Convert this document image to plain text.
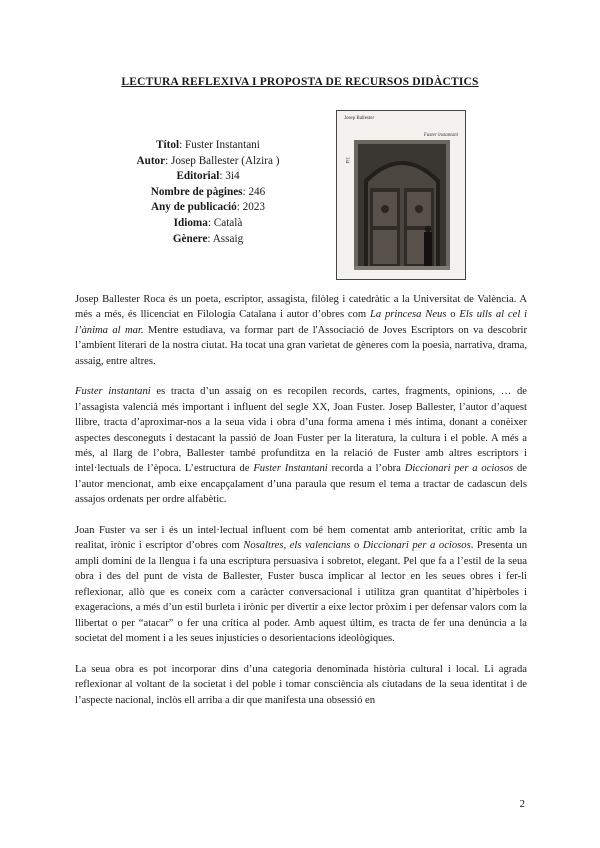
LECTURA REFLEXIVA I PROPOSTA DE RECURSOS DIDÀCTICS
Títol: Fuster Instantani
Autor: Josep Ballester (Alzira )
Editorial: 3i4
Nombre de pàgines: 246
Any de publicació: 2023
Idioma: Català
Gènere: Assaig
Josep Ballester
Fuster instantani
3i4

Josep Ballester Roca és un poeta, escriptor, assagista, filòleg i catedràtic a la Universitat de València. A més a més, és llicenciat en Filologia Catalana i autor d’obres com La princesa Neus o Els ulls al cel i l’ànima al mar. Mentre estudiava, va formar part de l'Associació de Joves Escriptors on va descobrir l’ambient literari de la nostra ciutat. Ha tocat una gran varietat de gèneres com la poesia, narrativa, drama, assaig, entre altres.

Fuster instantani es tracta d’un assaig on es recopilen records, cartes, fragments, opinions, … de l’assagista valencià més important i influent del segle XX, Joan Fuster. Josep Ballester, l’autor d’aquest llibre, tracta d’aproximar-nos a la seua vida i obra d’una forma amena i més íntima, donant a conèixer aspectes desconeguts i destacant la passió de Joan Fuster per la literatura, la cultura i el poble. A més a més, al llarg de l’obra, Ballester també profunditza en la relació de Fuster amb altres escriptors i intel·lectuals de l’època. L’estructura de Fuster Instantani recorda a l’obra Diccionari per a ociosos de l’autor mencionat, amb eixe encapçalament d’una paraula que resum el tema a tractar de cadascun dels assajos ordenats per ordre alfabètic.

Joan Fuster va ser i és un intel·lectual influent com bé hem comentat amb anterioritat, crític amb la realitat, irònic i escriptor d’obres com Nosaltres, els valencians o Diccionari per a ociosos. Presenta un ampli domini de la llengua i fa una escriptura persuasiva i sobretot, elegant. Pel que fa a l’estil de la seua obra i des del punt de vista de Ballester, Fuster busca implicar al lector en les seues obres i fer-li reflexionar, allò que es coneix com a caràcter conversacional i utilitza gran quantitat d’hipèrboles i exageracions, a més d’un estil burleta i irònic per divertir a eixe lector pròxim i per defensar valors com la llibertat o per “atacar” o fer una crítica al poder. Amb aquest últim, es tracta de fer una denúncia a la societat del moment i a les seues injustícies o desorientacions ideològiques.

La seua obra es pot incorporar dins d’una categoria denominada història cultural i local. Li agrada reflexionar al voltant de la societat i del poble i tomar consciència als ciutadans de la seua identitat i de l’aspecte nacional, inclòs ell arriba a dir que manifesta una obsessió en

2
